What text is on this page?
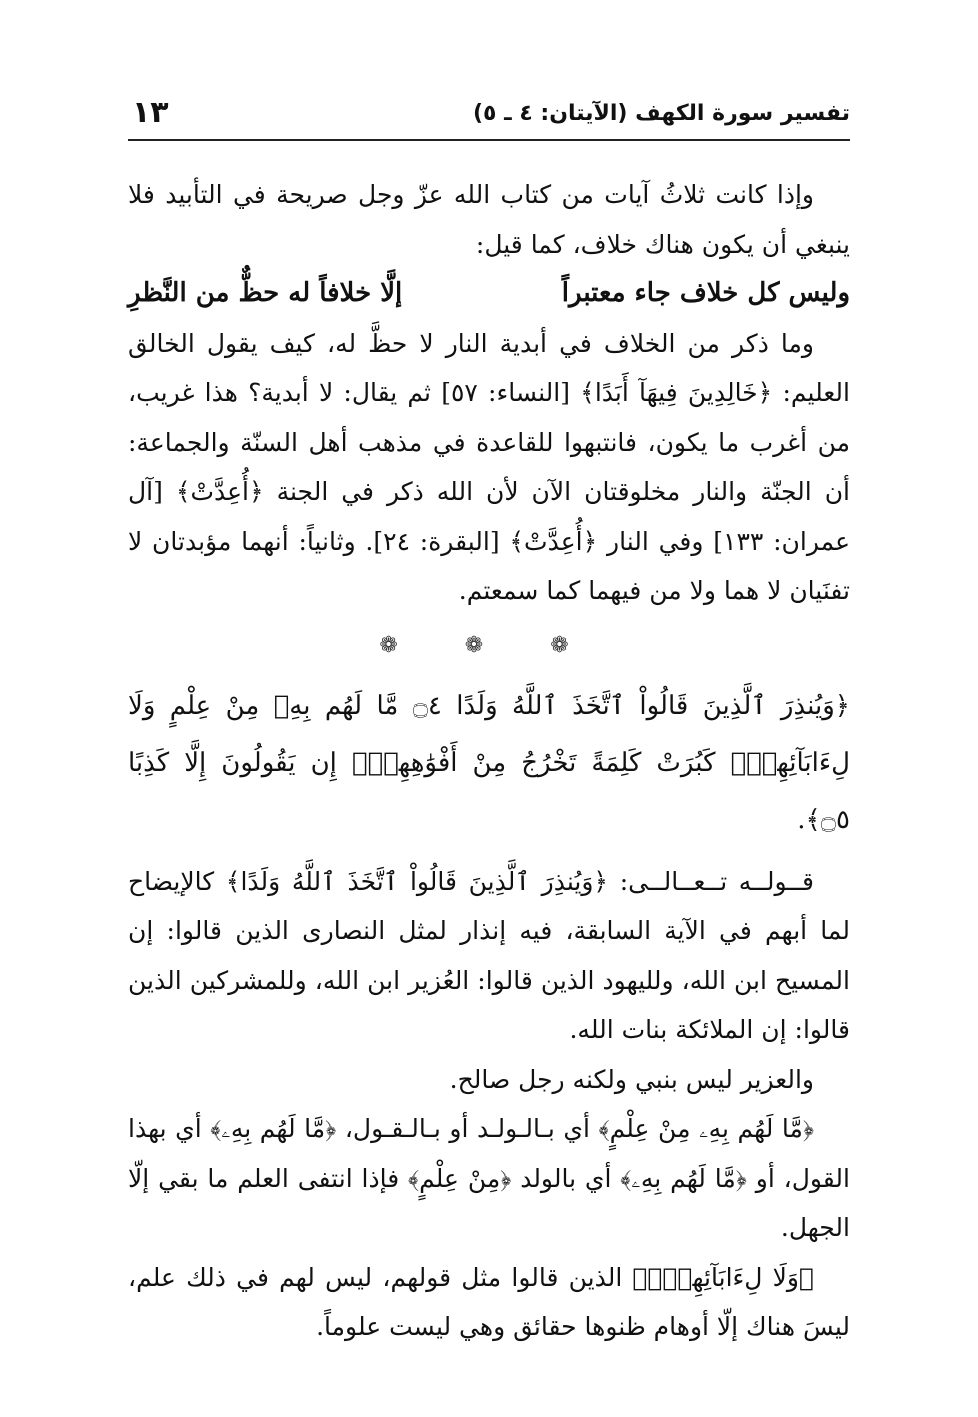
تفسير سورة الكهف (الآيتان: ٤ ـ ٥)
١٣

وإذا كانت ثلاثُ آيات من كتاب الله عزّ وجل صريحة في التأبيد فلا ينبغي أن يكون هناك خلاف، كما قيل:

وليس كل خلاف جاء معتبراً
إلَّا خلافاً له حظٌّ من النَّظرِ

وما ذكر من الخلاف في أبدية النار لا حظَّ له، كيف يقول الخالق العليم: ﴿خَالِدِينَ فِيهَآ أَبَدًا﴾ [النساء: ٥٧] ثم يقال: لا أبدية؟ هذا غريب، من أغرب ما يكون، فانتبهوا للقاعدة في مذهب أهل السنّة والجماعة: أن الجنّة والنار مخلوقتان الآن لأن الله ذكر في الجنة ﴿أُعِدَّتْ﴾ [آل عمران: ١٣٣] وفي النار ﴿أُعِدَّتْ﴾ [البقرة: ٢٤]. وثانياً: أنهما مؤبدتان لا تفنَيان لا هما ولا من فيهما كما سمعتم.

❁ ❁ ❁

﴿وَيُنذِرَ ٱلَّذِينَ قَالُواْ ٱتَّخَذَ ٱللَّهُ وَلَدًا ۝٤ مَّا لَهُم بِهِۦ مِنْ عِلْمٍ وَلَا لِءَابَآئِهِمْۚ كَبُرَتْ كَلِمَةً تَخْرُجُ مِنْ أَفْوَٰهِهِمْۚ إِن يَقُولُونَ إِلَّا كَذِبًا ۝٥﴾.

قــولــه تــعــالــى: ﴿وَيُنذِرَ ٱلَّذِينَ قَالُواْ ٱتَّخَذَ ٱللَّهُ وَلَدًا﴾ كالإيضاح لما أبهم في الآية السابقة، فيه إنذار لمثل النصارى الذين قالوا: إن المسيح ابن الله، ولليهود الذين قالوا: العُزير ابن الله، وللمشركين الذين قالوا: إن الملائكة بنات الله.

والعزير ليس بنبي ولكنه رجل صالح.

﴿مَّا لَهُم بِهِۦ مِنْ عِلْمٍ﴾ أي بـالـولـد أو بـالـقـول، ﴿مَّا لَهُم بِهِۦ﴾ أي بهذا القول، أو ﴿مَّا لَهُم بِهِۦ﴾ أي بالولد ﴿مِنْ عِلْمٍ﴾ فإذا انتفى العلم ما بقي إلّا الجهل.

﴿وَلَا لِءَابَآئِهِمْۚ﴾ الذين قالوا مثل قولهم، ليس لهم في ذلك علم، ليسَ هناك إلّا أوهام ظنوها حقائق وهي ليست علوماً.
